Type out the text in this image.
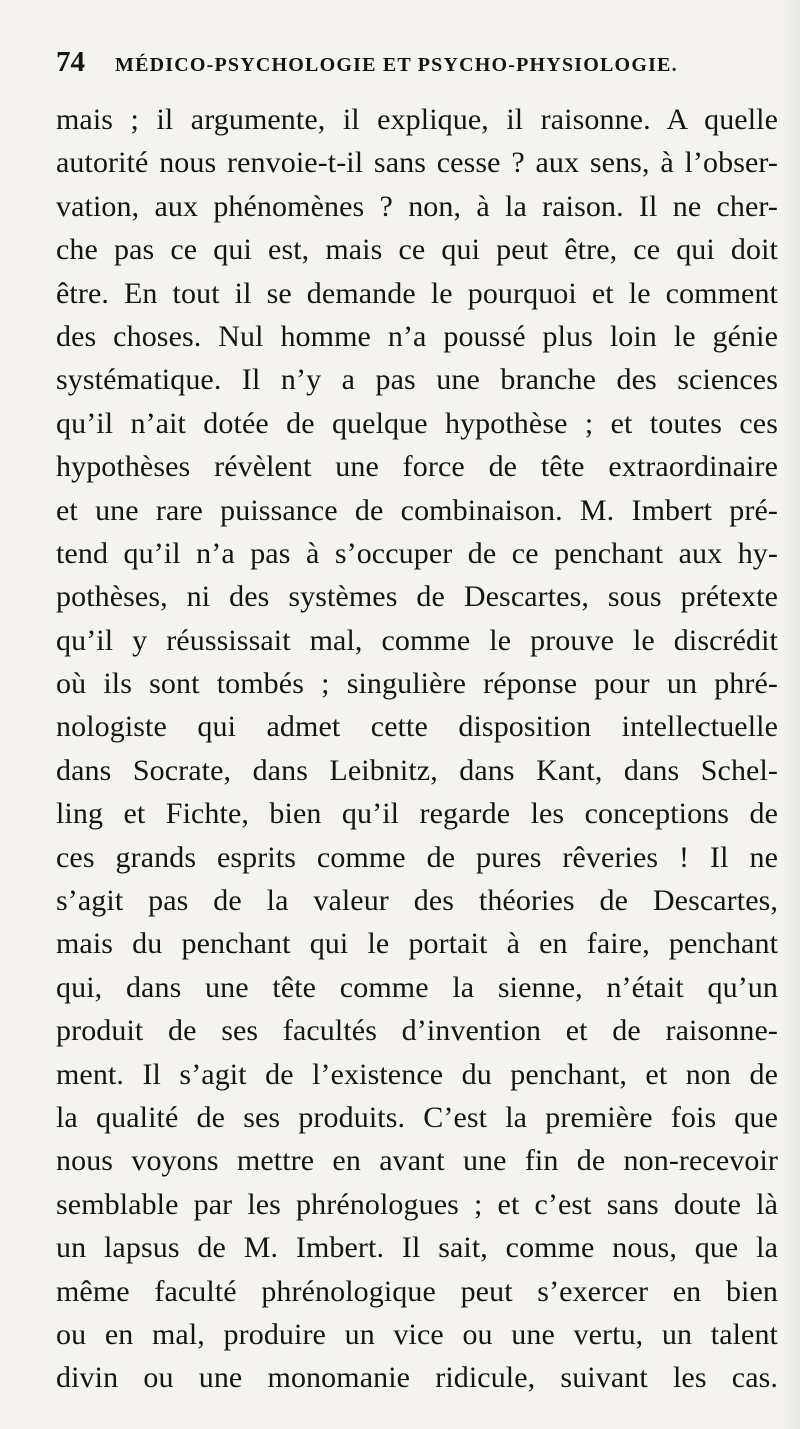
74 MÉDICO-PSYCHOLOGIE ET PSYCHO-PHYSIOLOGIE.
mais ; il argumente, il explique, il raisonne. A quelle
autorité nous renvoie-t-il sans cesse ? aux sens, à l’obser-
vation, aux phénomènes ? non, à la raison. Il ne cher-
che pas ce qui est, mais ce qui peut être, ce qui doit
être. En tout il se demande le pourquoi et le comment
des choses. Nul homme n’a poussé plus loin le génie
systématique. Il n’y a pas une branche des sciences
qu’il n’ait dotée de quelque hypothèse ; et toutes ces
hypothèses révèlent une force de tête extraordinaire
et une rare puissance de combinaison. M. Imbert pré-
tend qu’il n’a pas à s’occuper de ce penchant aux hy-
pothèses, ni des systèmes de Descartes, sous prétexte
qu’il y réussissait mal, comme le prouve le discrédit
où ils sont tombés ; singulière réponse pour un phré-
nologiste qui admet cette disposition intellectuelle
dans Socrate, dans Leibnitz, dans Kant, dans Schel-
ling et Fichte, bien qu’il regarde les conceptions de
ces grands esprits comme de pures rêveries ! Il ne
s’agit pas de la valeur des théories de Descartes,
mais du penchant qui le portait à en faire, penchant
qui, dans une tête comme la sienne, n’était qu’un
produit de ses facultés d’invention et de raisonne-
ment. Il s’agit de l’existence du penchant, et non de
la qualité de ses produits. C’est la première fois que
nous voyons mettre en avant une fin de non-recevoir
semblable par les phrénologues ; et c’est sans doute là
un lapsus de M. Imbert. Il sait, comme nous, que la
même faculté phrénologique peut s’exercer en bien
ou en mal, produire un vice ou une vertu, un talent
divin ou une monomanie ridicule, suivant les cas.
